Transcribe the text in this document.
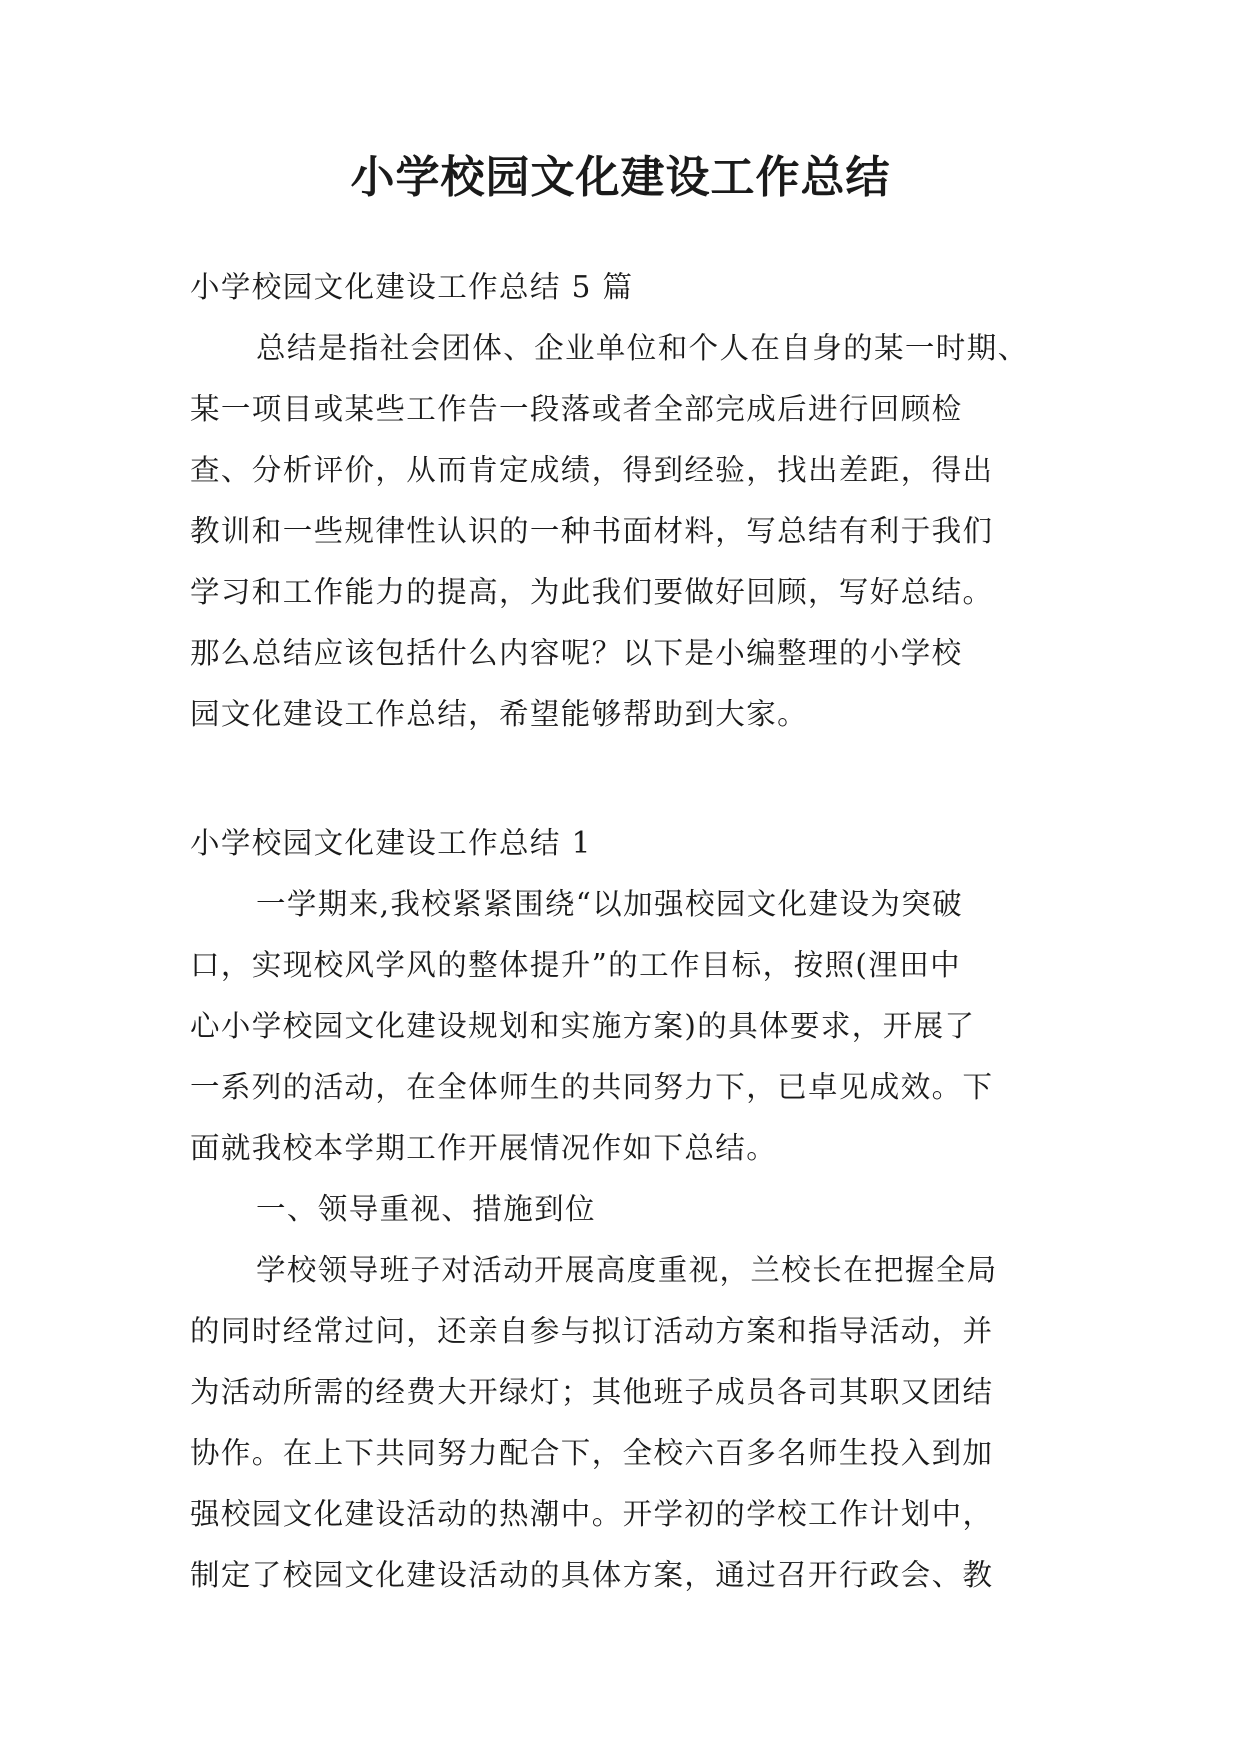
小学校园文化建设工作总结

小学校园文化建设工作总结 5 篇

总结是指社会团体、企业单位和个人在自身的某一时期、

某一项目或某些工作告一段落或者全部完成后进行回顾检

查、分析评价，从而肯定成绩，得到经验，找出差距，得出

教训和一些规律性认识的一种书面材料，写总结有利于我们

学习和工作能力的提高，为此我们要做好回顾，写好总结。

那么总结应该包括什么内容呢？以下是小编整理的小学校

园文化建设工作总结，希望能够帮助到大家。

小学校园文化建设工作总结 1

一学期来,我校紧紧围绕“以加强校园文化建设为突破

口，实现校风学风的整体提升”的工作目标，按照(浬田中

心小学校园文化建设规划和实施方案)的具体要求，开展了

一系列的活动，在全体师生的共同努力下，已卓见成效。下

面就我校本学期工作开展情况作如下总结。

一、领导重视、措施到位

学校领导班子对活动开展高度重视，兰校长在把握全局

的同时经常过问，还亲自参与拟订活动方案和指导活动，并

为活动所需的经费大开绿灯；其他班子成员各司其职又团结

协作。在上下共同努力配合下，全校六百多名师生投入到加

强校园文化建设活动的热潮中。开学初的学校工作计划中，

制定了校园文化建设活动的具体方案，通过召开行政会、教
